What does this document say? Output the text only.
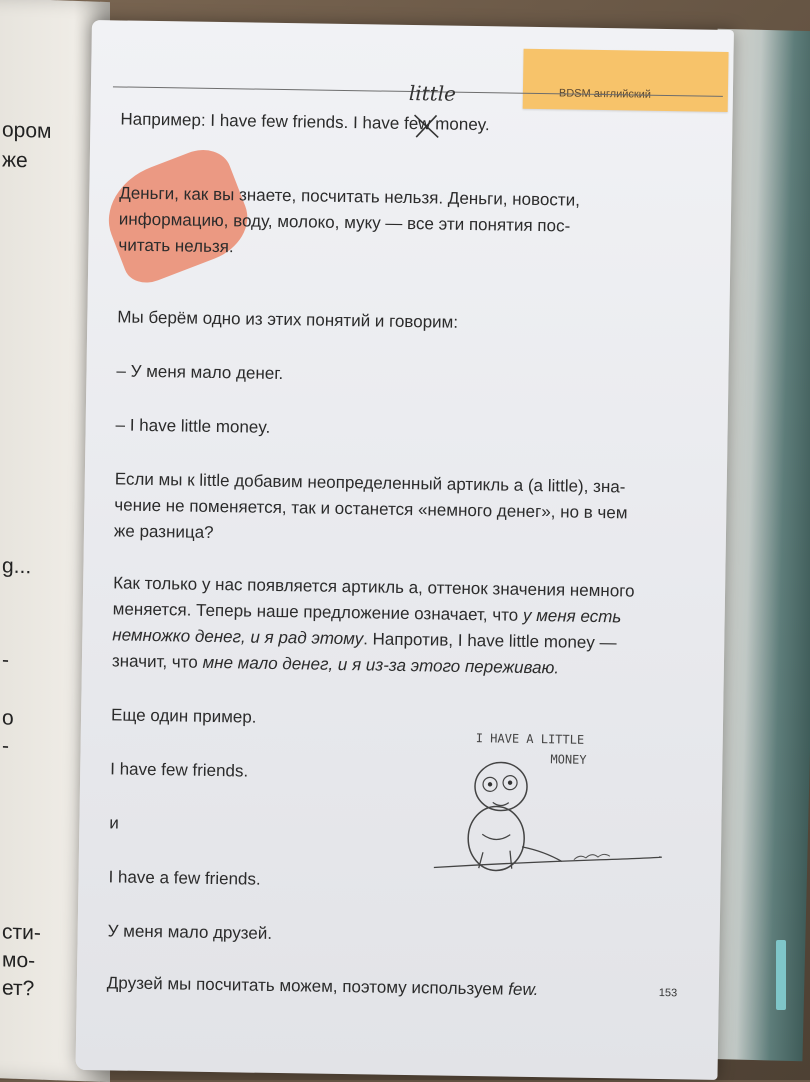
ором
же
g...
-
о
-
сти-
мо-
ет?
BDSM английский
little
Например: I have few friends. I have few money.
Деньги, как вы знаете, посчитать нельзя. Деньги, новости,
информацию, воду, молоко, муку — все эти понятия пос-
читать нельзя.
Мы берём одно из этих понятий и говорим:
– У меня мало денег.
– I have little money.
Если мы к little добавим неопределенный артикль a (a little), зна-
чение не поменяется, так и останется «немного денег», но в чем
же разница?
Как только у нас появляется артикль a, оттенок значения немного
меняется. Теперь наше предложение означает, что у меня есть
немножко денег, и я рад этому. Напротив, I have little money —
значит, что мне мало денег, и я из-за этого переживаю.
Еще один пример.
I have few friends.
и
I have a few friends.
У меня мало друзей.
Друзей мы посчитать можем, поэтому используем few.
I HAVE A LITTLE
MONEY
153
